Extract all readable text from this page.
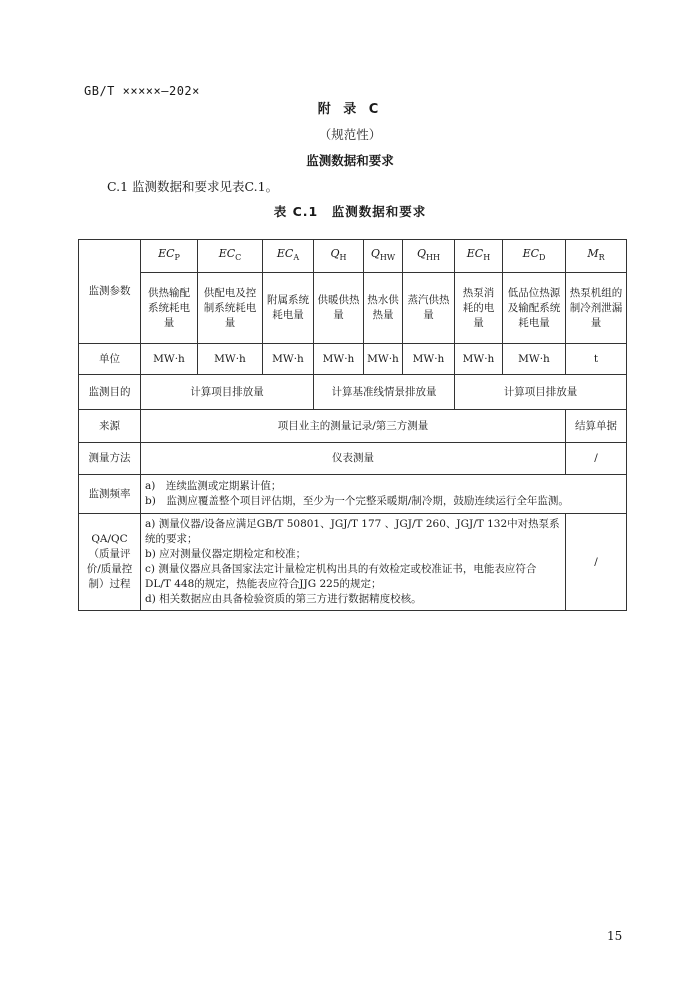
GB/T ×××××—202×
附 录 C
（规范性）
监测数据和要求
C.1 监测数据和要求见表C.1。
表 C.1　监测数据和要求
监测参数	$EC_P$	$EC_C$	$EC_A$	$Q_H$	$Q_{HW}$	$Q_{HH}$	$EC_H$	$EC_D$	$M_R$
	供热输配系统耗电量	供配电及控制系统耗电量	附属系统耗电量	供暖供热量	热水供热量	蒸汽供热量	热泵消耗的电量	低品位热源及输配系统耗电量	热泵机组的制冷剂泄漏量
单位	MW·h	MW·h	MW·h	MW·h	MW·h	MW·h	MW·h	MW·h	t
监测目的	计算项目排放量			计算基准线情景排放量			计算项目排放量		
来源	项目业主的测量记录/第三方测量								结算单据
测量方法	仪表测量								/
监测频率	a)　连续监测或定期累计值；
b)　监测应覆盖整个项目评估期，至少为一个完整采暖期/制冷期，鼓励连续运行全年监测。								

QA/QC（质量评价/质量控制）过程	a) 测量仪器/设备应满足GB/T 50801、JGJ/T 177 、JGJ/T 260、JGJ/T 132中对热泵系统的要求；
b) 应对测量仪器定期检定和校准；
c) 测量仪器应具备国家法定计量检定机构出具的有效检定或校准证书，电能表应符合DL/T 448的规定，热能表应符合JJG 225的规定；
d) 相关数据应由具备检验资质的第三方进行数据精度校核。								/
15
